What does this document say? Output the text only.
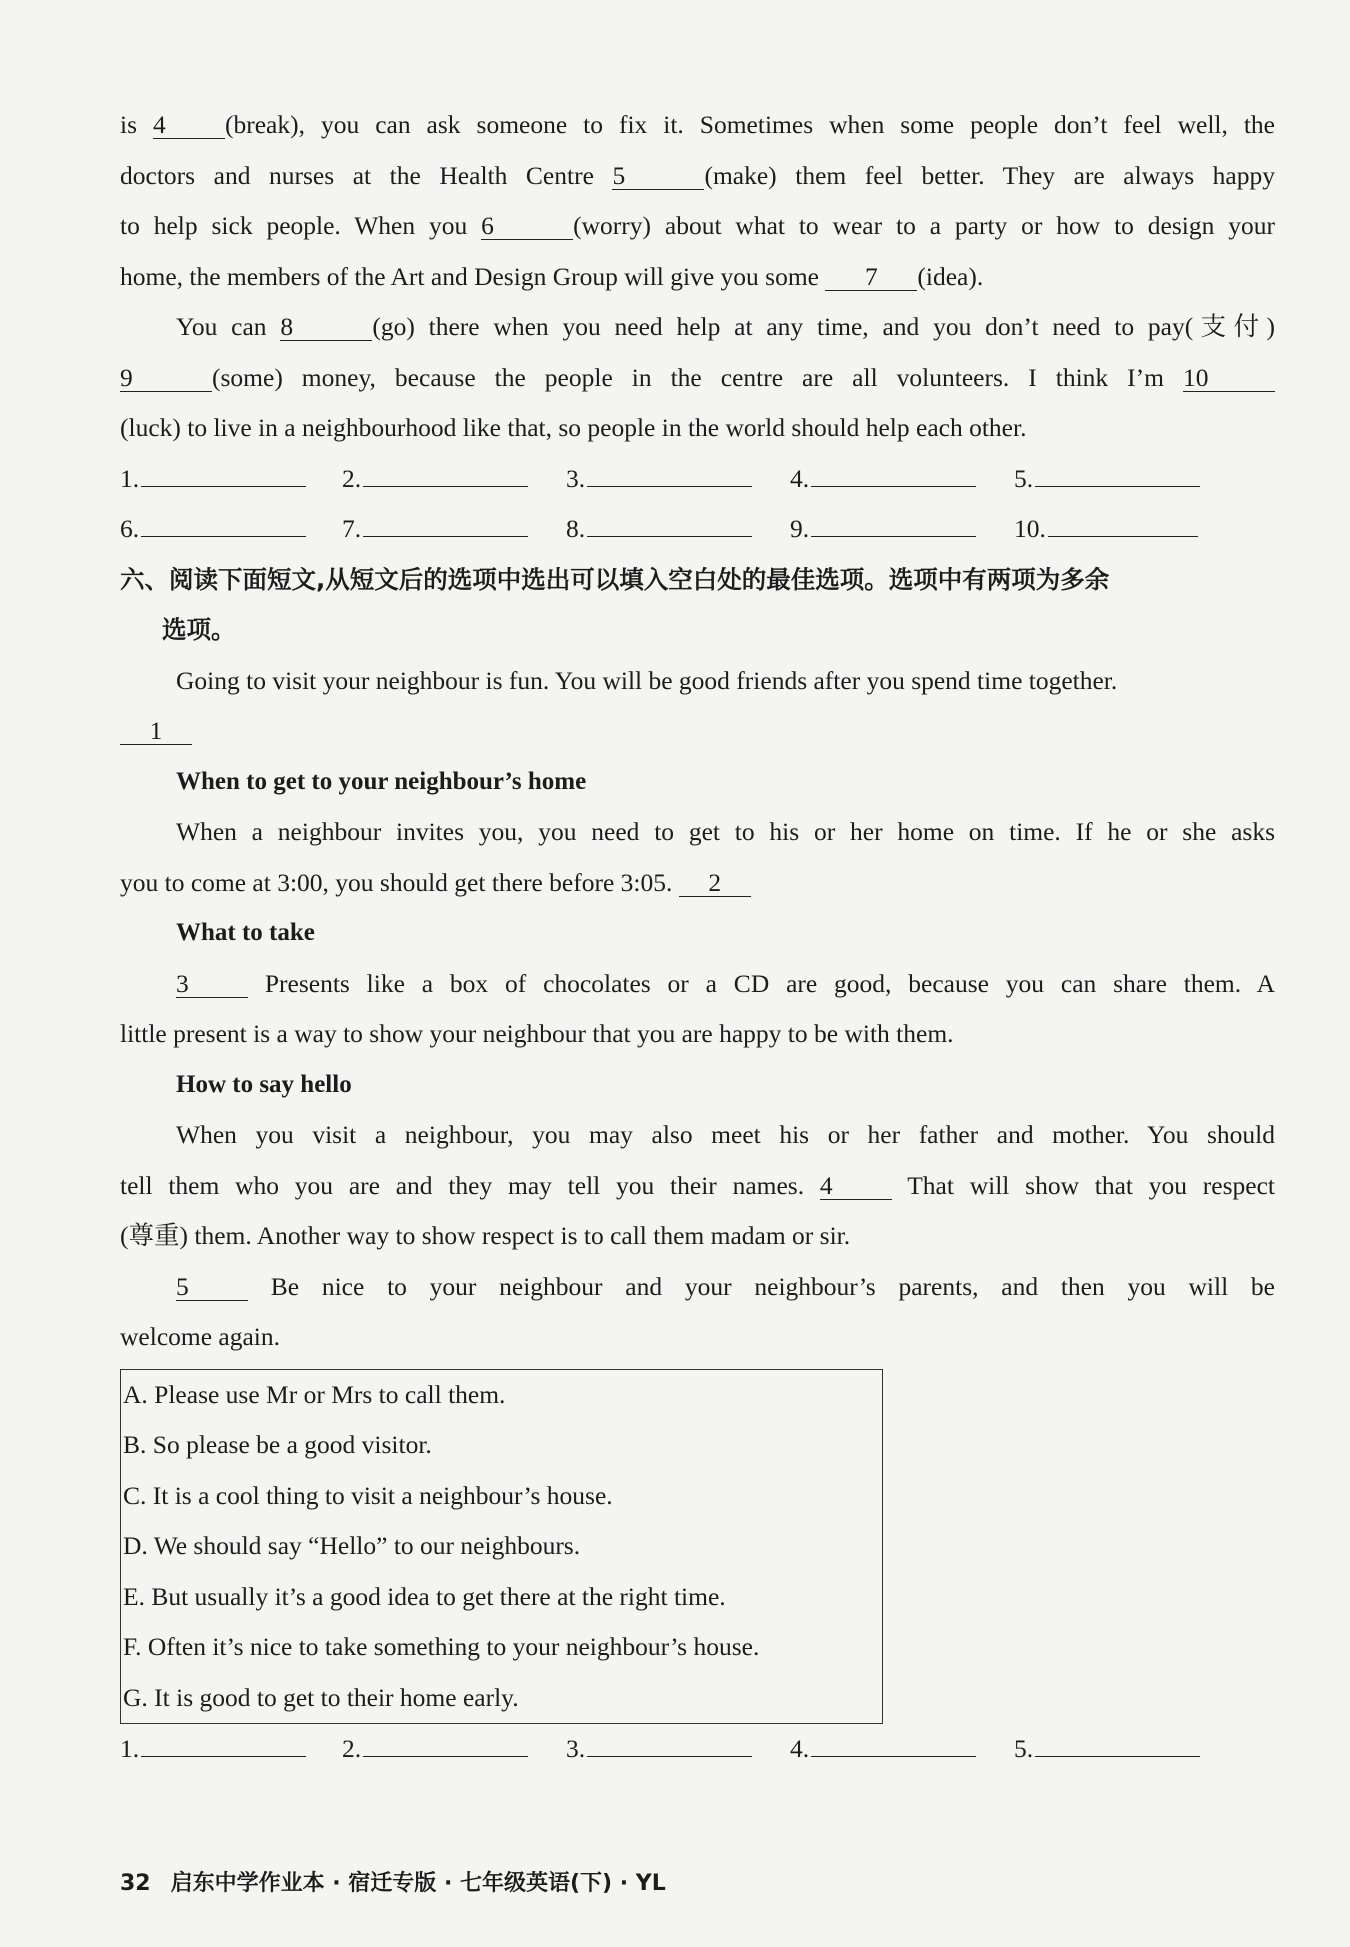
is 4 (break), you can ask someone to fix it. Sometimes when some people don’t feel well, the
doctors and nurses at the Health Centre 5	(make) them feel better. They are always happy
to help sick people. When you 6	(worry) about what to wear to a party or how to design your
home, the members of the Art and Design Group will give you some 7 (idea).
You can 8	(go) there when you need help at any time, and you don’t need to pay(支付)
9	(some) money, because the people in the centre are all volunteers. I think I’m 10
(luck) to live in a neighbourhood like that, so people in the world should help each other.
1.	2.	3.	4.	5.
6.	7.	8.	9.	10.
六、阅读下面短文,从短文后的选项中选出可以填入空白处的最佳选项。选项中有两项为多余
选项。
Going to visit your neighbour is fun. You will be good friends after you spend time together.
1
When to get to your neighbour’s home
When a neighbour invites you, you need to get to his or her home on time. If he or she asks
you to come at 3:00, you should get there before 3:05. 2
What to take
3 Presents like a box of chocolates or a CD are good, because you can share them. A
little present is a way to show your neighbour that you are happy to be with them.
How to say hello
When you visit a neighbour, you may also meet his or her father and mother. You should
tell them who you are and they may tell you their names. 4 That will show that you respect
(尊重) them. Another way to show respect is to call them madam or sir.
5 Be nice to your neighbour and your neighbour’s parents, and then you will be
welcome again.
A. Please use Mr or Mrs to call them.
B. So please be a good visitor.
C. It is a cool thing to visit a neighbour’s house.
D. We should say “Hello” to our neighbours.
E. But usually it’s a good idea to get there at the right time.
F. Often it’s nice to take something to your neighbour’s house.
G. It is good to get to their home early.
1.	2.	3.	4.	5.
32 启东中学作业本 · 宿迁专版 · 七年级英语(下) · YL
